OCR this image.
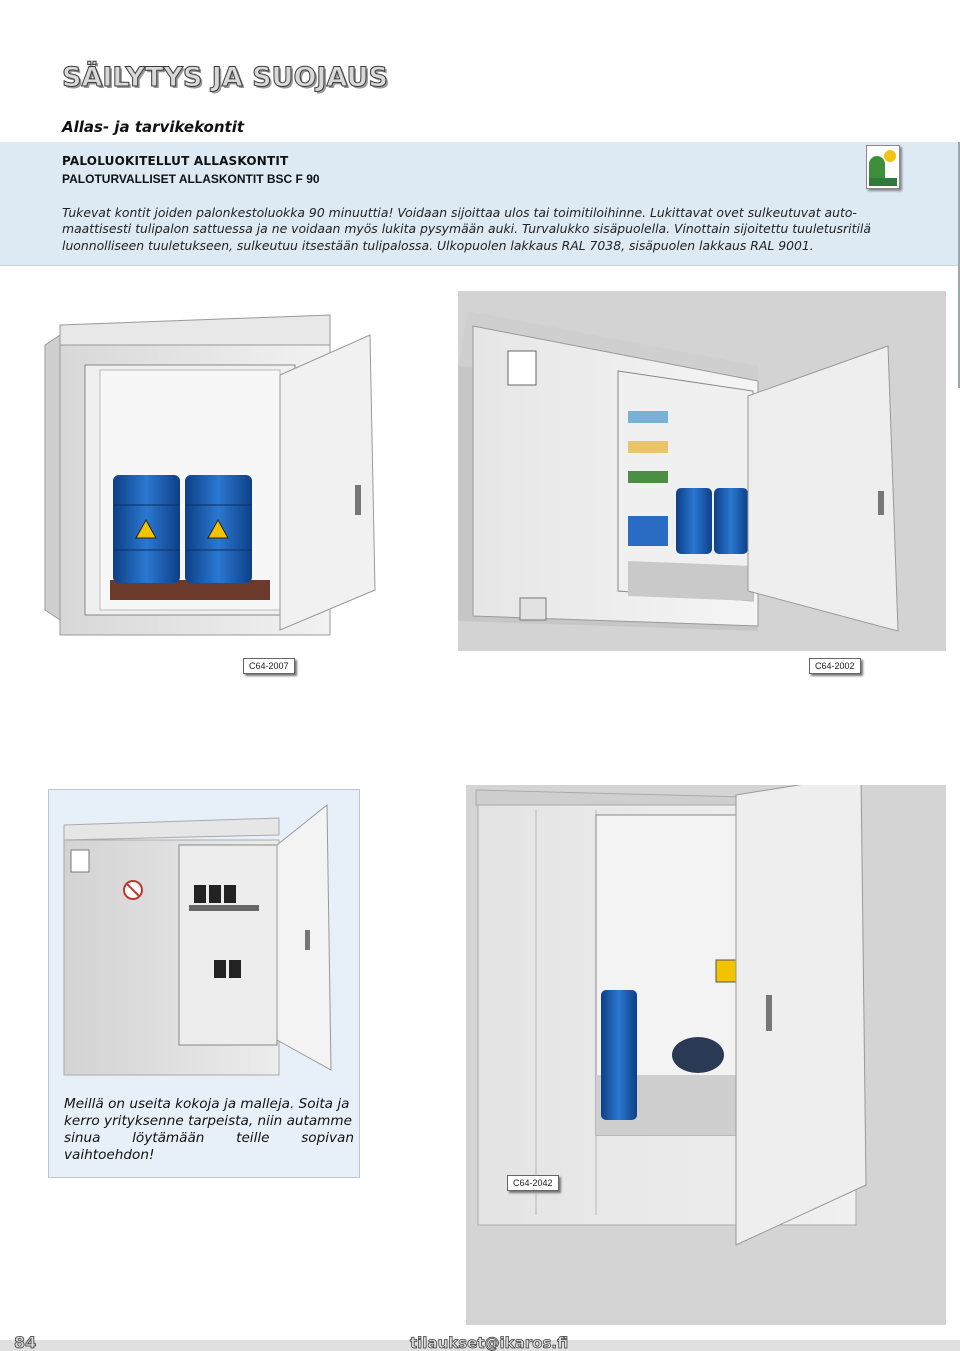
SÄILYTYS JA SUOJAUS
Allas- ja tarvikekontit
PALOLUOKITELLUT ALLASKONTIT
PALOTURVALLISET ALLASKONTIT BSC F 90
Tukevat kontit joiden palonkestoluokka 90 minuuttia! Voidaan sijoittaa ulos tai toimitiloihinne. Lukittavat ovet sulkeutuvat auto-
maattisesti tulipalon sattuessa ja ne voidaan myös lukita pysymään auki. Turvalukko sisäpuolella. Vinottain sijoitettu tuuletusritilä
luonnolliseen tuuletukseen, sulkeutuu itsestään tulipalossa. Ulkopuolen lakkaus RAL 7038, sisäpuolen lakkaus RAL 9001.
Meillä on useita kokoja ja malleja. Soita ja
kerro yrityksenne tarpeista, niin autamme
sinua löytämään teille sopivan vaihtoehdon!
C64-2007	C64-2002
C64-2042
84	tilaukset@ikaros.fi
